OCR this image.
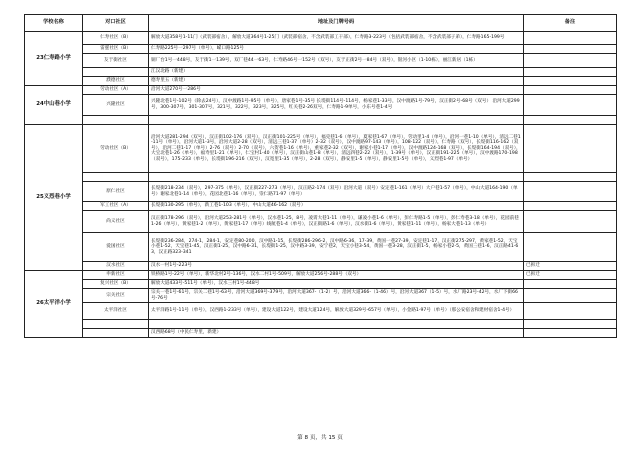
学校名称	对口社区	地址及门牌号码	备注
23仁寿路小学	仁寿社区（B）	解放大道358号1-11门（武装部宿舍），解放大道364号1-25门（武装部宿舍，不含武装部工干部），仁寿路3-223号（包括武装部宿舍，不含武装部子弟），仁寿路165-199号	
	雷霆社区（B）	仁寿路225号一297号（单号），嵘口路125号	
	友于街社区	铜厂台1号一448号，友于街1一139号，双厂巷44一63号，仁寿路46号一152号（双号），友于正街2号一84号（双号），银河小区（1-10栋），丽江新居（1栋）	
		江汉北路（新建）	
	濮德社区	德寿里五（新建）	
24中山巷小学	劳动社区（A）	沿河大道270号一286号	
	兴隆社区	兴隆北巷1号-102号（除去24号），汉中渡路1号-95号（单号），唐家巷1号-35号 长堤街114号-114号，杨家巷1-33号，汉中渡路1号-79号，汉正街2号-68号（双号） 沿河大道299号，300-307号，301-307号，321号，322号，323号，325号，红关巷2-26双号，仁寿路1-9单号，小东号巷1-4号	

25义烈巷小学	劳动社区（B）	沿河大道281-294（双号），汉正街102-176（双号），汉正街101-225号（单号），福克巷1-6（单号），夏家巷1-67（单号），劳动里1-4（单号），沿河一巷1-10（单号），清远二巷1-11号（单号），沿河大道1-3号，沿河大道2-28（双号），清远三巷1-37（单号）2-32（双号），汉中渡路97-143（单号），108-122（双号），仁寿路（双号），长堤街116-162（双号），沿河二巷1-17（单号）2-76（双号）2-70（双号），六贺巷1-16（单号），重家巷2-32（双号），谢家小巷1-17（单号），汉中渡路124-168（双号），长堤街164-194（双号），大宝北巷1-26（单号），福寿里1-21（单号），仁宝村1-40（单号），汉正街山巷1-8（单号），清远四巷2-22（双号），1-39号（单号），汉正街191-225（单号），汉中渡路170-198（双号），175-233（单号），长堤街196-216（双号），汉宽里1-35（单号），2-28（双号），静安里1-5（单号），静安里1-5号（单号），义烈巷1-97（单号）	

	原仁社区	长堤街218-234（双号），297-375（单号），汉正街227-273（单号），汉正路2-174（双号）沿河大道（双号）安定巷1-161（单号）大户巷1-57（单号），中山大道164-190（单号）谢家北巷1-14（单号），花园北巷1-16（单号），崇仁路71-97（单号）	
	军工社区（A）	长堤街130-295（单号），新工巷1-103（单号），中山大道46-162（双号）	
	尚义社区	汉正街178-296（双号），沿河大道253-281号（单号），汉水巷1-25，8号，凌霄大巷1-11（单号），谦凌小巷1-6（单号），彭仁寿路1-5（单号），彭仁寿巷3-18（单号），花园前巷1-26（单号），黄家巷1-2（单号），黄家巷1-17（单号）线航巷1-4（单号），汉正街路1-6（单号），汉水街1-6（单号），黄家巷1-11（单号），杨家大巷1-13（单号）	
	爱国社区	长堤街236-284，274-1，284-1，安定巷80-200，汉中路1-15，长堤街286-296-2，汉中路6-36，17-39，黄国一巷27-39，安定巷1-17，汉正街275-297，黄家巷1-52，天宝小巷1-52，天宝巷1-45，汉正街1-25，汉中路6-31，长堤街1-25，汉中路3-39，安宁巷2，天宝小巷3-54，黄国一巷3-28，汉正街1-5，杨家小巷2-5，黄国三巷1-6，汉正路41-63，汉正路323-341	
	汉水社区	汉水一村1号-223号	已拆迁
26太平洋小学	申新社区	铁桥路1号-22号（单号），新华北村2号-136号，汉水二村1号-509号，解放大道256号-288号（双号）	已拆迁
	复兴社区（B）	解放大道433号-511号（单号），汉水三村1号-448号	
	宗关社区	宗关一巷1号-61号，宗关二巷1号-63号，沿河大道369号-379号，沿河大道367-（1-2）号，沿河大道366-（1-46）号，沿河大道367（1-5）号，水厂路23号-42号，水厂下街66号-76号	
	太平洋社区	太平洋路1号-11号（单号），汉西路1-233号（单号），建设大道122号，建设大道124号，解放大道329号-657号（单号），小金路1-97号（单号）（那公安宿舍和建材宿舍1-4号）	

		汉西路68号（中民仁寿里，新建）	
第 8 页，共 15 页
